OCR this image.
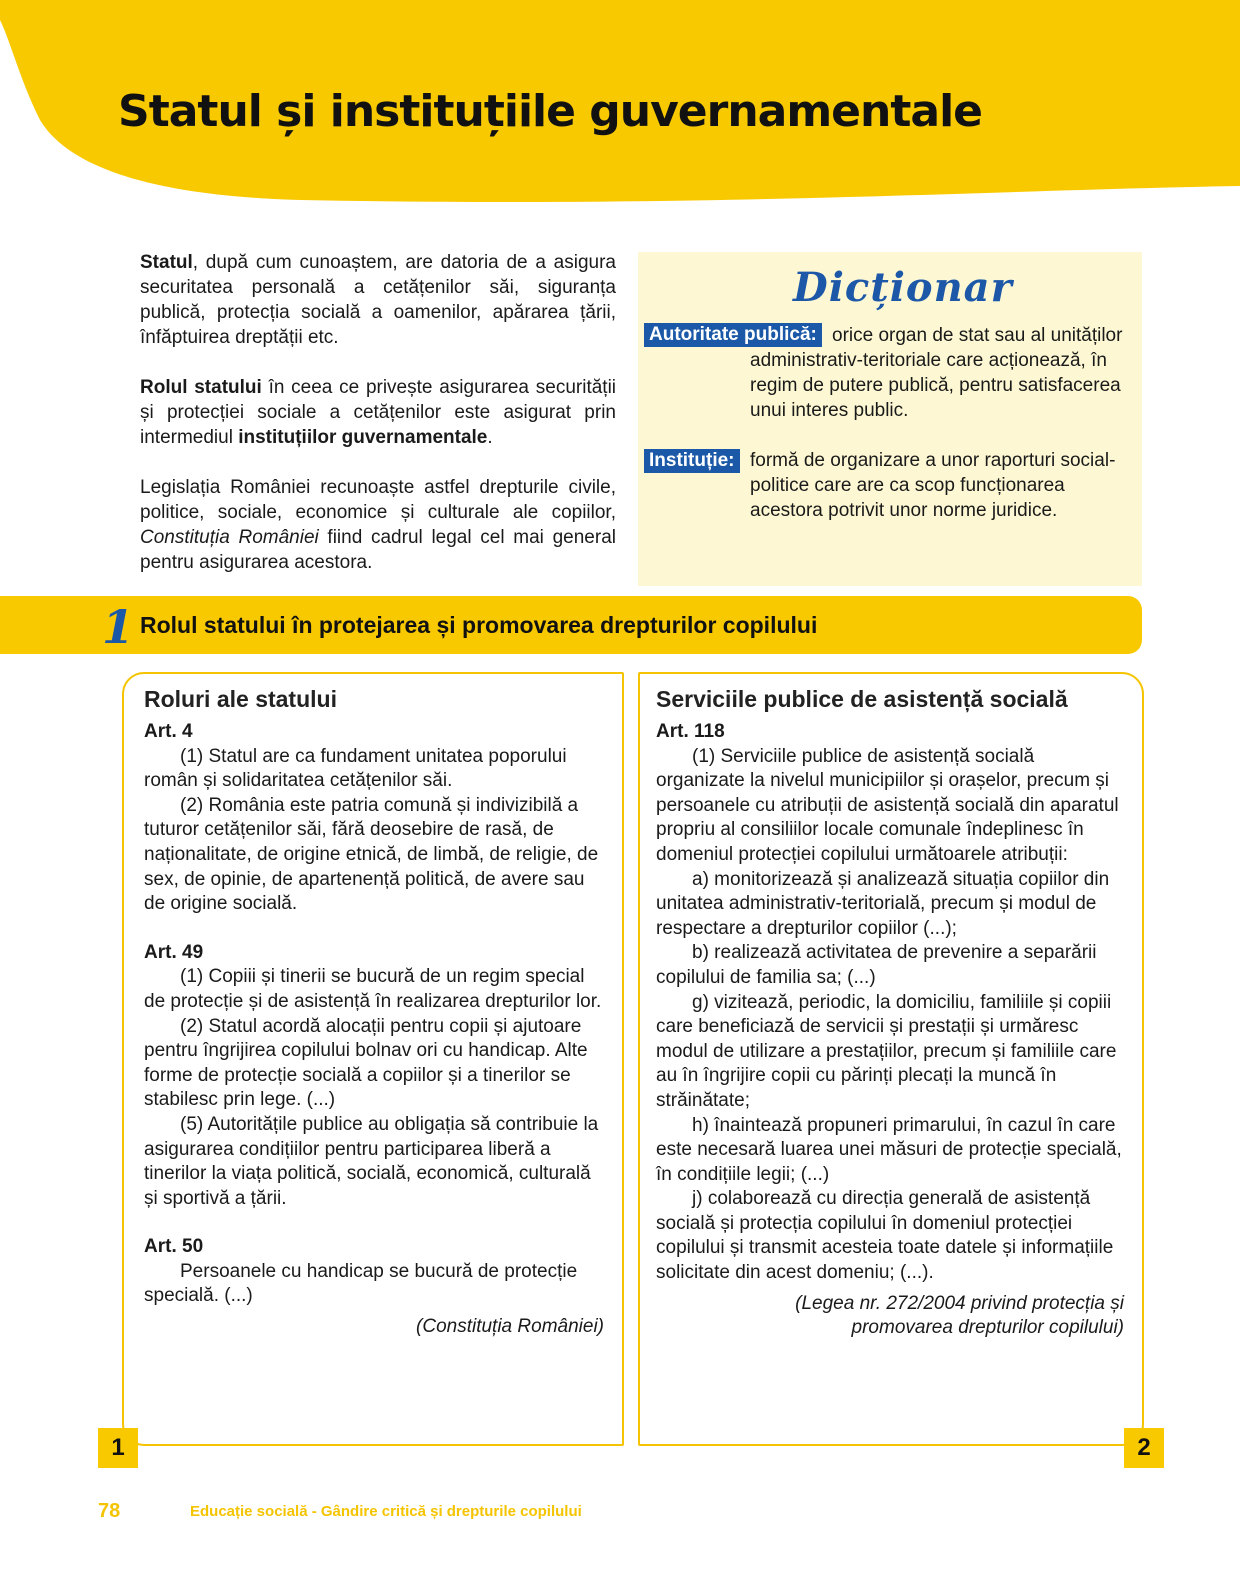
Statul și instituțiile guvernamentale

Statul, după cum cunoaștem, are datoria de a asigura securitatea personală a cetățenilor săi, siguranța publică, protecția socială a oamenilor, apărarea țării, înfăptuirea dreptății etc.

Rolul statului în ceea ce privește asigurarea securității și protecției sociale a cetățenilor este asigurat prin intermediul instituțiilor guvernamentale.

Legislația României recunoaște astfel drepturile civile, politice, sociale, economice și culturale ale copiilor, Constituția României fiind cadrul legal cel mai general pentru asigurarea acestora.

Dicționar
Autoritate publică: orice organ de stat sau al unităților administrativ-teritoriale care acționează, în regim de putere publică, pentru satisfacerea unui interes public.
Instituție: formă de organizare a unor raporturi social-politice care are ca scop funcționarea acestora potrivit unor norme juridice.
1 Rolul statului în protejarea și promovarea drepturilor copilului
Roluri ale statului

Art. 4

(1) Statul are ca fundament unitatea poporului român și solidaritatea cetățenilor săi.

(2) România este patria comună și indivizibilă a tuturor cetățenilor săi, fără deosebire de rasă, de naționalitate, de origine etnică, de limbă, de religie, de sex, de opinie, de apartenență politică, de avere sau de origine socială.

Art. 49

(1) Copiii și tinerii se bucură de un regim special de protecție și de asistență în realizarea drepturilor lor.

(2) Statul acordă alocații pentru copii și ajutoare pentru îngrijirea copilului bolnav ori cu handicap. Alte forme de protecție socială a copiilor și a tinerilor se stabilesc prin lege. (...)

(5) Autoritățile publice au obligația să contribuie la asigurarea condițiilor pentru participarea liberă a tinerilor la viața politică, socială, economică, culturală și sportivă a țării.

Art. 50

Persoanele cu handicap se bucură de protecție specială. (...)

(Constituția României)

1
Serviciile publice de asistență socială

Art. 118

(1) Serviciile publice de asistență socială organizate la nivelul municipiilor și orașelor, precum și persoanele cu atribuții de asistență socială din aparatul propriu al consiliilor locale comunale îndeplinesc în domeniul protecției copilului următoarele atribuții:

a) monitorizează și analizează situația copiilor din unitatea administrativ-teritorială, precum și modul de respectare a drepturilor copiilor (...);

b) realizează activitatea de prevenire a separării copilului de familia sa; (...)

g) vizitează, periodic, la domiciliu, familiile și copiii care beneficiază de servicii și prestații și urmăresc modul de utilizare a prestațiilor, precum și familiile care au în îngrijire copii cu părinți plecați la muncă în străinătate;

h) înaintează propuneri primarului, în cazul în care este necesară luarea unei măsuri de protecție specială, în condițiile legii; (...)

j) colaborează cu direcția generală de asistență socială și protecția copilului în domeniul protecției copilului și transmit acesteia toate datele și informațiile solicitate din acest domeniu; (...).

(Legea nr. 272/2004 privind protecția și promovarea drepturilor copilului)

2
78	Educație socială - Gândire critică și drepturile copilului
